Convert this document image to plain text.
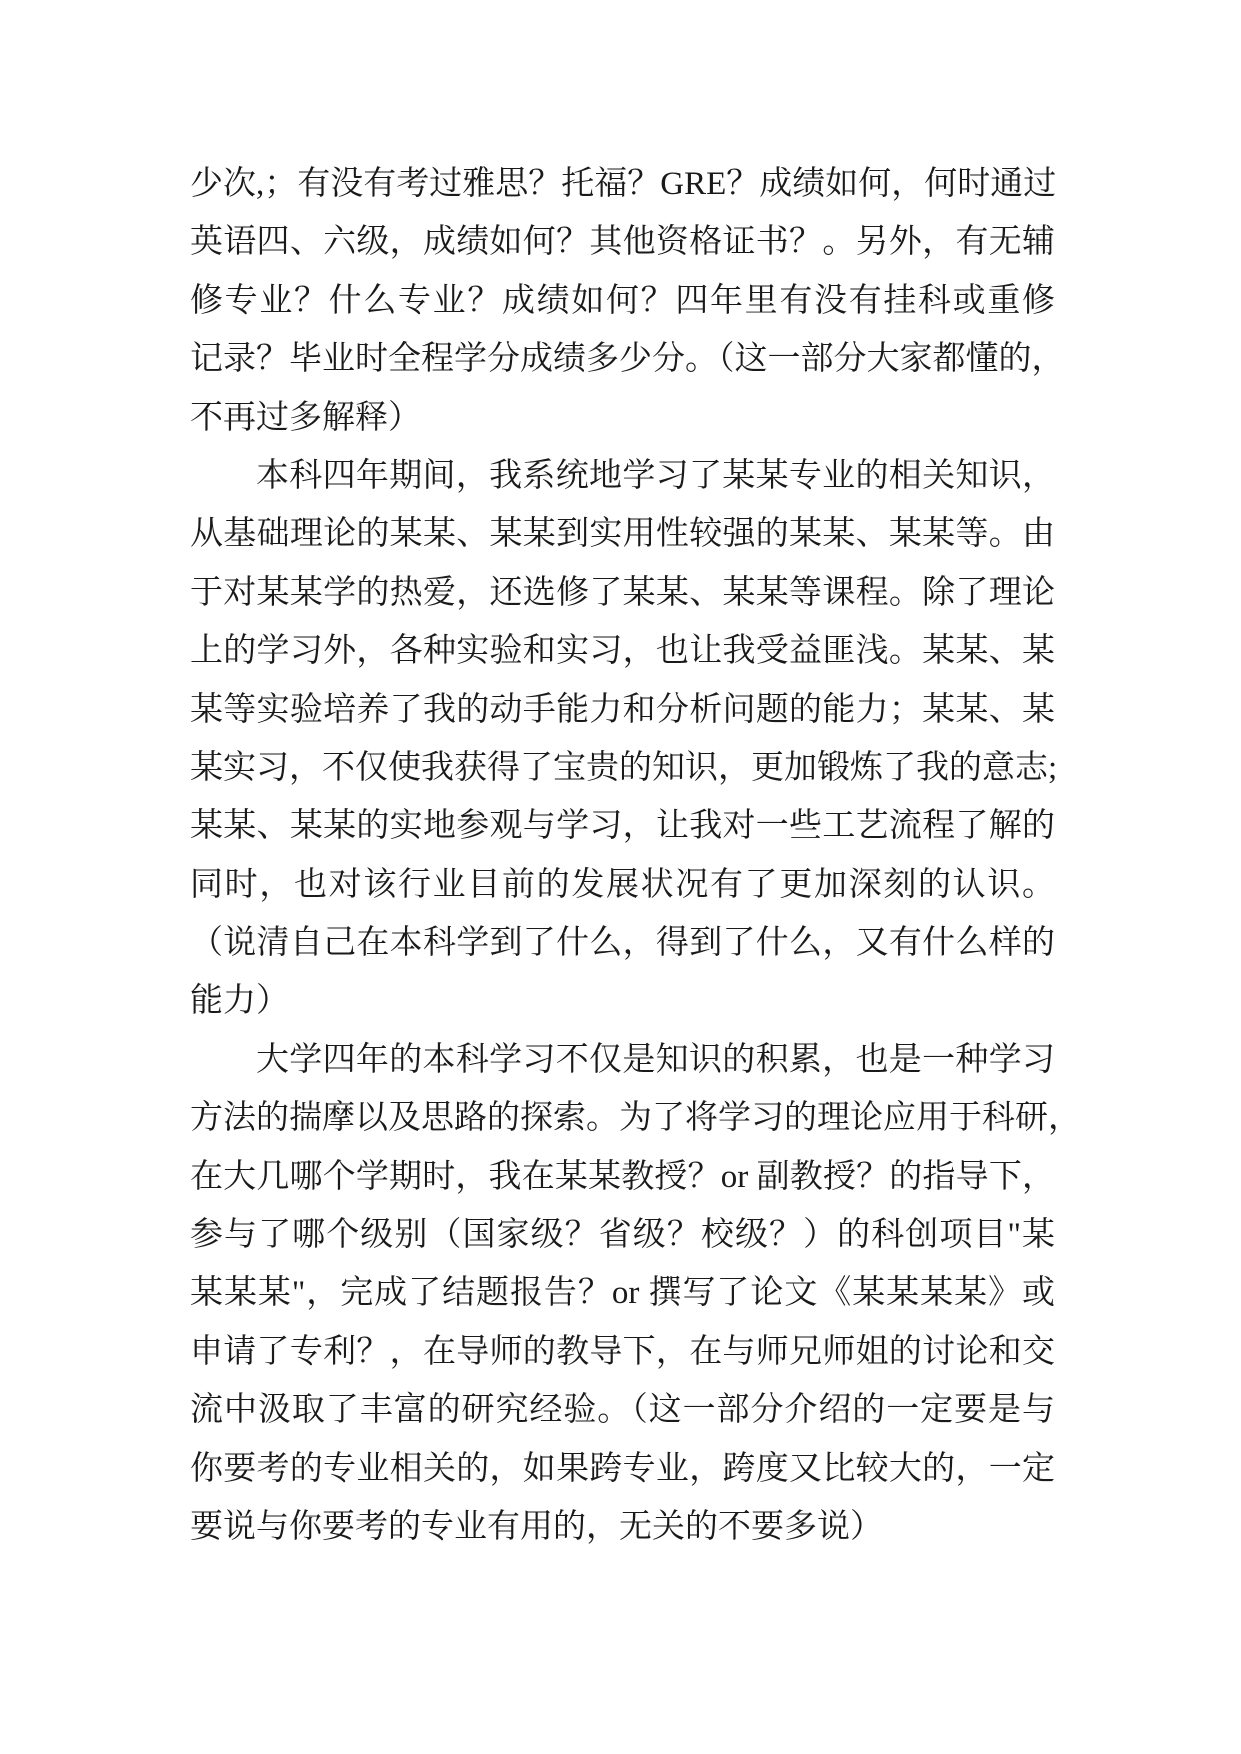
少次,；有没有考过雅思？托福？GRE？成绩如何，何时通过
英语四、六级，成绩如何？其他资格证书？。另外，有无辅
修专业？什么专业？成绩如何？四年里有没有挂科或重修
记录？毕业时全程学分成绩多少分。（这一部分大家都懂的，
不再过多解释）
本科四年期间，我系统地学习了某某专业的相关知识，
从基础理论的某某、某某到实用性较强的某某、某某等。由
于对某某学的热爱，还选修了某某、某某等课程。除了理论
上的学习外，各种实验和实习，也让我受益匪浅。某某、某
某等实验培养了我的动手能力和分析问题的能力；某某、某
某实习，不仅使我获得了宝贵的知识，更加锻炼了我的意志;
某某、某某的实地参观与学习，让我对一些工艺流程了解的
同时，也对该行业目前的发展状况有了更加深刻的认识。
（说清自己在本科学到了什么，得到了什么，又有什么样的
能力）
大学四年的本科学习不仅是知识的积累，也是一种学习
方法的揣摩以及思路的探索。为了将学习的理论应用于科研，
在大几哪个学期时，我在某某教授？or 副教授？的指导下，
参与了哪个级别（国家级？省级？校级？）的科创项目"某
某某某"，完成了结题报告？or 撰写了论文《某某某某》或
申请了专利？，在导师的教导下，在与师兄师姐的讨论和交
流中汲取了丰富的研究经验。（这一部分介绍的一定要是与
你要考的专业相关的，如果跨专业，跨度又比较大的，一定
要说与你要考的专业有用的，无关的不要多说）
